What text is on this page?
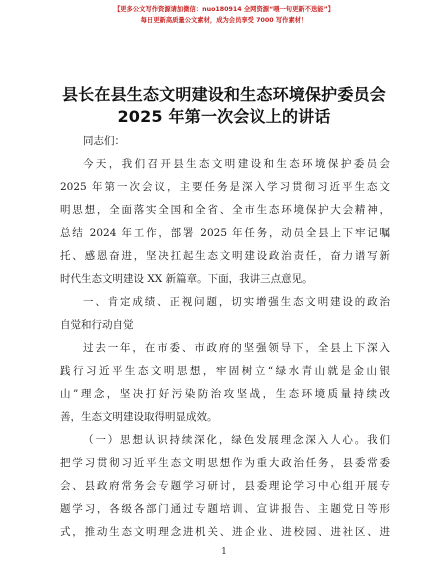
【更多公文写作资源请加微信：nuo180914 全网资源“喂一句更新不迭能”】
每日更新高质量公文素材，成为会员享受 7000 写作素材！
县长在县生态文明建设和生态环境保护委员会
2025 年第一次会议上的讲话
同志们：
今天，我们召开县生态文明建设和生态环境保护委员会
2025 年第一次会议，主要任务是深入学习贯彻习近平生态文
明思想，全面落实全国和全省、全市生态环境保护大会精神，
总结 2024 年工作，部署 2025 年任务，动员全县上下牢记嘱
托、感恩奋进，坚决扛起生态文明建设政治责任，奋力谱写新
时代生态文明建设 XX 新篇章。下面，我讲三点意见。
一、肯定成绩、正视问题，切实增强生态文明建设的政治
自觉和行动自觉
过去一年，在市委、市政府的坚强领导下，全县上下深入
践行习近平生态文明思想，牢固树立“绿水青山就是金山银
山”理念，坚决打好污染防治攻坚战，生态环境质量持续改
善，生态文明建设取得明显成效。
（一）思想认识持续深化，绿色发展理念深入人心。我们
把学习贯彻习近平生态文明思想作为重大政治任务，县委常委
会、县政府常务会专题学习研讨，县委理论学习中心组开展专
题学习，各级各部门通过专题培训、宣讲报告、主题党日等形
式，推动生态文明理念进机关、进企业、进校园、进社区、进
1
